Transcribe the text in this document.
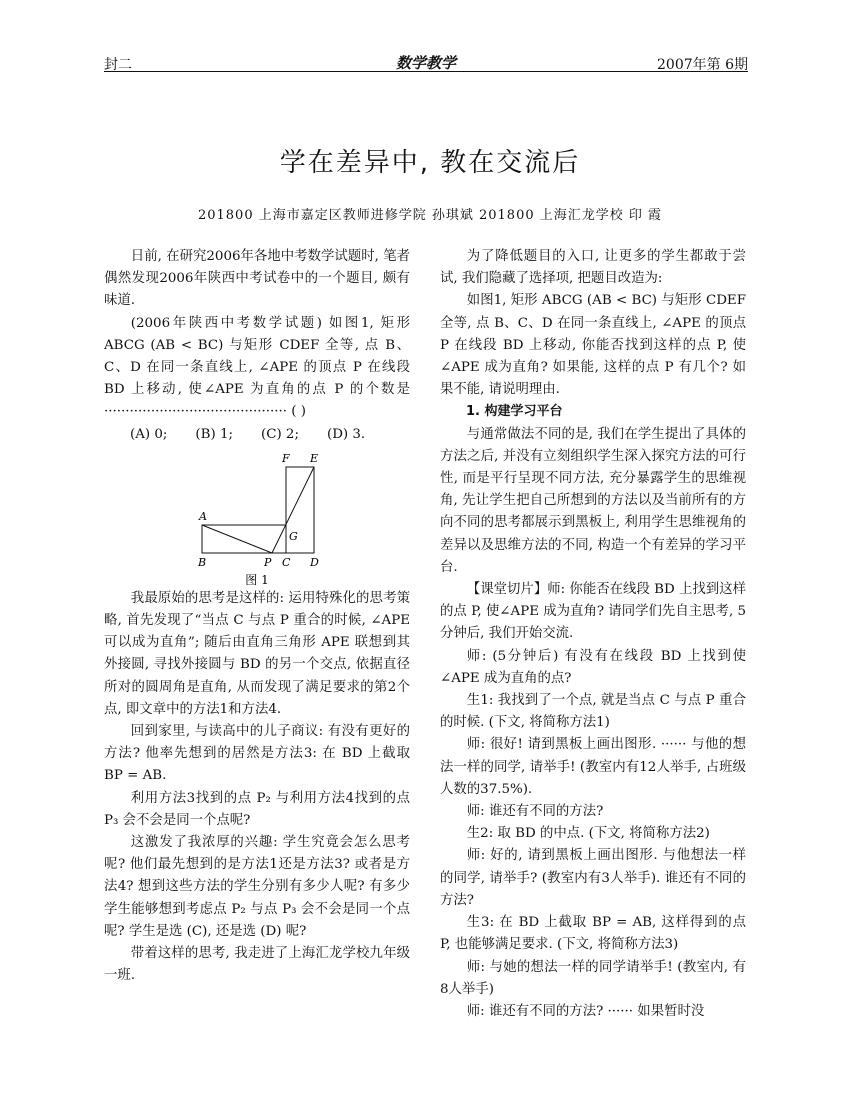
封二	数学教学	2007年第 6期
学在差异中, 教在交流后
201800 上海市嘉定区教师进修学院 孙琪斌 201800 上海汇龙学校 印 霞

日前, 在研究2006年各地中考数学试题时, 笔者偶然发现2006年陕西中考试卷中的一个题目, 颇有味道.

(2006年陕西中考数学试题) 如图1, 矩形 ABCG (AB < BC) 与矩形 CDEF 全等, 点 B、C、D 在同一条直线上, ∠APE 的顶点 P 在线段 BD 上移动, 使∠APE 为直角的点 P 的个数是 ··········································· ( )

(A) 0; (B) 1; (C) 2; (D) 3.
A
B	P C D
E
F
G
图 1

我最原始的思考是这样的: 运用特殊化的思考策略, 首先发现了“当点 C 与点 P 重合的时候, ∠APE 可以成为直角”; 随后由直角三角形 APE 联想到其外接圆, 寻找外接圆与 BD 的另一个交点, 依据直径所对的圆周角是直角, 从而发现了满足要求的第2个点, 即文章中的方法1和方法4.

回到家里, 与读高中的儿子商议: 有没有更好的方法? 他率先想到的居然是方法3: 在 BD 上截取 BP = AB.

利用方法3找到的点 P₂ 与利用方法4找到的点 P₃ 会不会是同一个点呢?

这激发了我浓厚的兴趣: 学生究竟会怎么思考呢? 他们最先想到的是方法1还是方法3? 或者是方法4? 想到这些方法的学生分别有多少人呢? 有多少学生能够想到考虑点 P₂ 与点 P₃ 会不会是同一个点呢? 学生是选 (C), 还是选 (D) 呢?

带着这样的思考, 我走进了上海汇龙学校九年级一班.

为了降低题目的入口, 让更多的学生都敢于尝试, 我们隐藏了选择项, 把题目改造为:

如图1, 矩形 ABCG (AB < BC) 与矩形 CDEF 全等, 点 B、C、D 在同一条直线上, ∠APE 的顶点 P 在线段 BD 上移动, 你能否找到这样的点 P, 使∠APE 成为直角? 如果能, 这样的点 P 有几个? 如果不能, 请说明理由.

1. 构建学习平台

与通常做法不同的是, 我们在学生提出了具体的方法之后, 并没有立刻组织学生深入探究方法的可行性, 而是平行呈现不同方法, 充分暴露学生的思维视角, 先让学生把自己所想到的方法以及当前所有的方向不同的思考都展示到黑板上, 利用学生思维视角的差异以及思维方法的不同, 构造一个有差异的学习平台.

【课堂切片】师: 你能否在线段 BD 上找到这样的点 P, 使∠APE 成为直角? 请同学们先自主思考, 5分钟后, 我们开始交流.

师: (5分钟后) 有没有在线段 BD 上找到使∠APE 成为直角的点?

生1: 我找到了一个点, 就是当点 C 与点 P 重合的时候. (下文, 将简称方法1)

师: 很好! 请到黑板上画出图形. ······ 与他的想法一样的同学, 请举手! (教室内有12人举手, 占班级人数的37.5%).

师: 谁还有不同的方法?

生2: 取 BD 的中点. (下文, 将简称方法2)

师: 好的, 请到黑板上画出图形. 与他想法一样的同学, 请举手? (教室内有3人举手). 谁还有不同的方法?

生3: 在 BD 上截取 BP = AB, 这样得到的点 P, 也能够满足要求. (下文, 将简称方法3)

师: 与她的想法一样的同学请举手! (教室内, 有8人举手)

师: 谁还有不同的方法? ······ 如果暂时没
